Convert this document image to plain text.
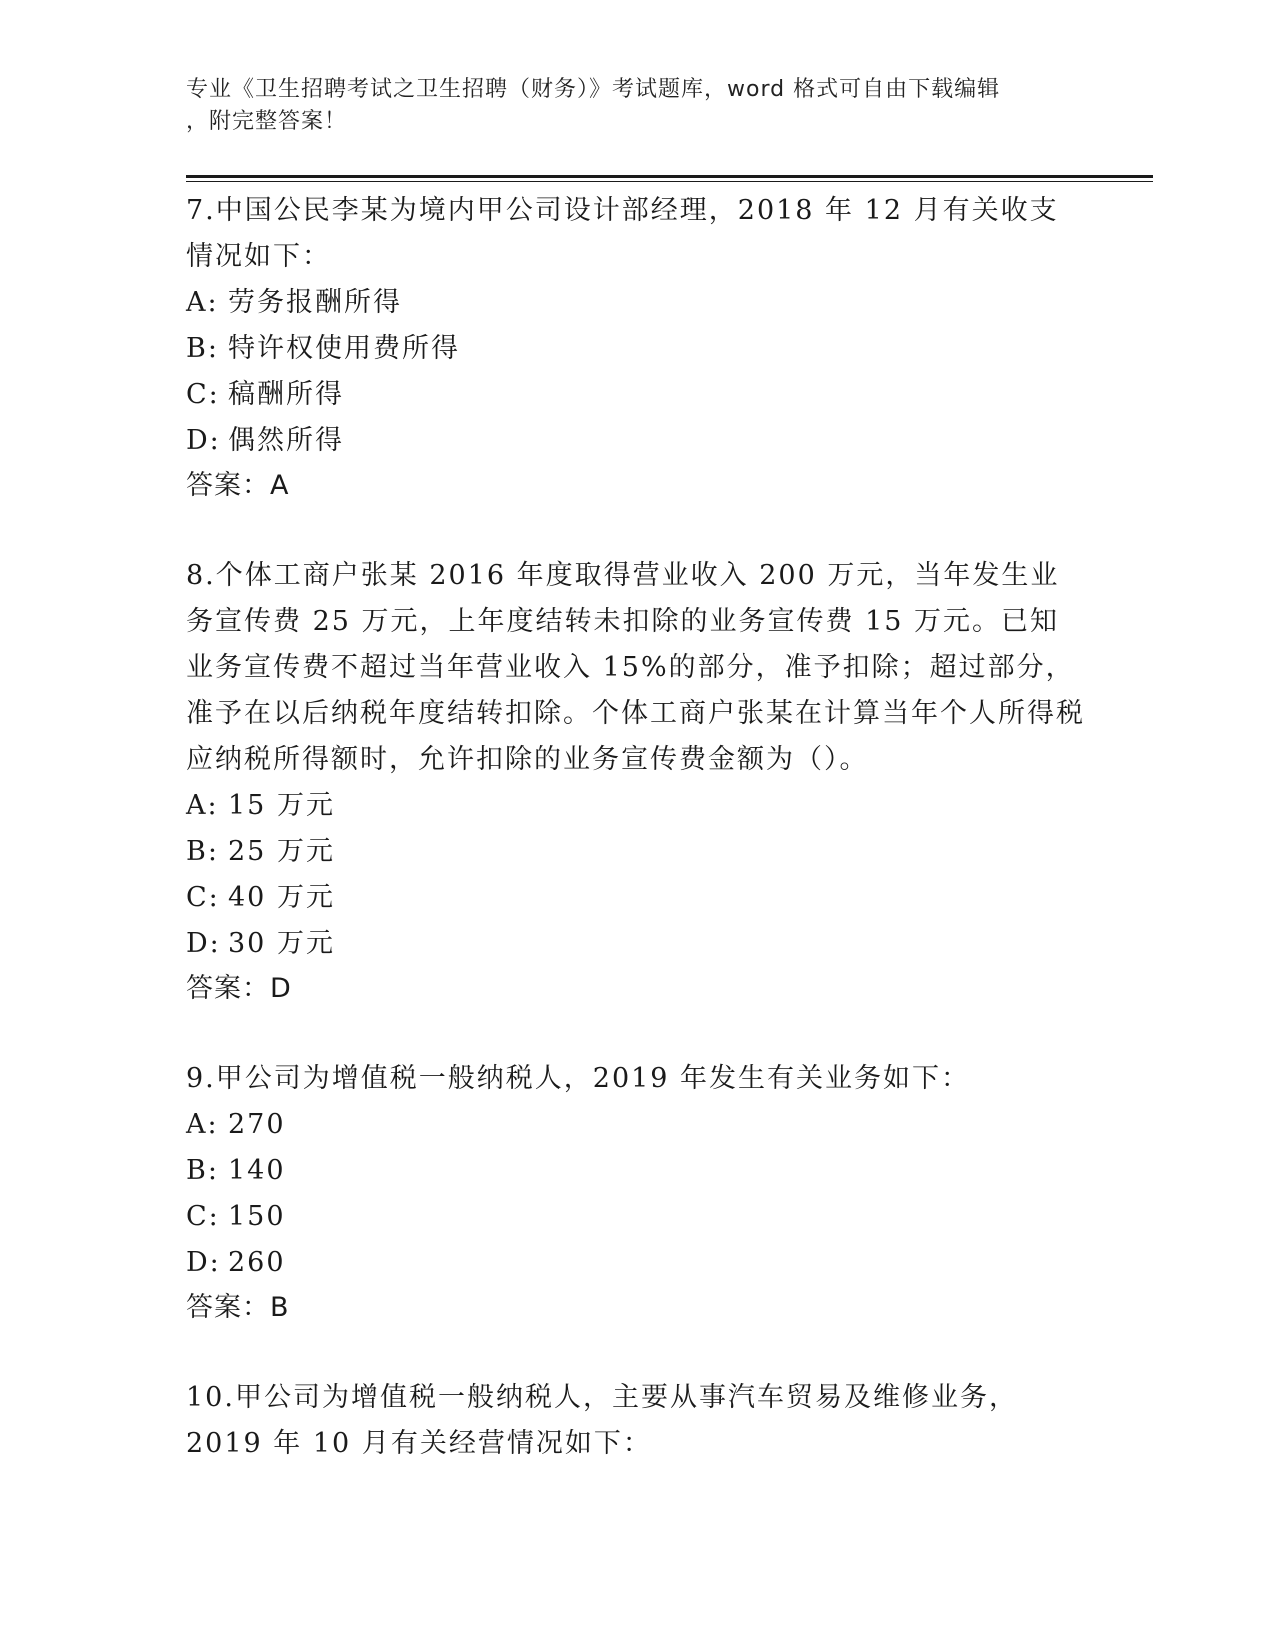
专业《卫生招聘考试之卫生招聘（财务）》考试题库，word 格式可自由下载编辑
，附完整答案！

7.中国公民李某为境内甲公司设计部经理，2018 年 12 月有关收支情况如下：

A: 劳务报酬所得
B: 特许权使用费所得
C: 稿酬所得
D: 偶然所得
答案：A

8.个体工商户张某 2016 年度取得营业收入 200 万元，当年发生业务宣传费 25 万元，上年度结转未扣除的业务宣传费 15 万元。已知业务宣传费不超过当年营业收入 15%的部分，准予扣除；超过部分，准予在以后纳税年度结转扣除。个体工商户张某在计算当年个人所得税应纳税所得额时，允许扣除的业务宣传费金额为（）。

A: 15 万元
B: 25 万元
C: 40 万元
D: 30 万元
答案：D

9.甲公司为增值税一般纳税人，2019 年发生有关业务如下：

A: 270
B: 140
C: 150
D: 260
答案：B

10.甲公司为增值税一般纳税人，主要从事汽车贸易及维修业务，2019 年 10 月有关经营情况如下：
